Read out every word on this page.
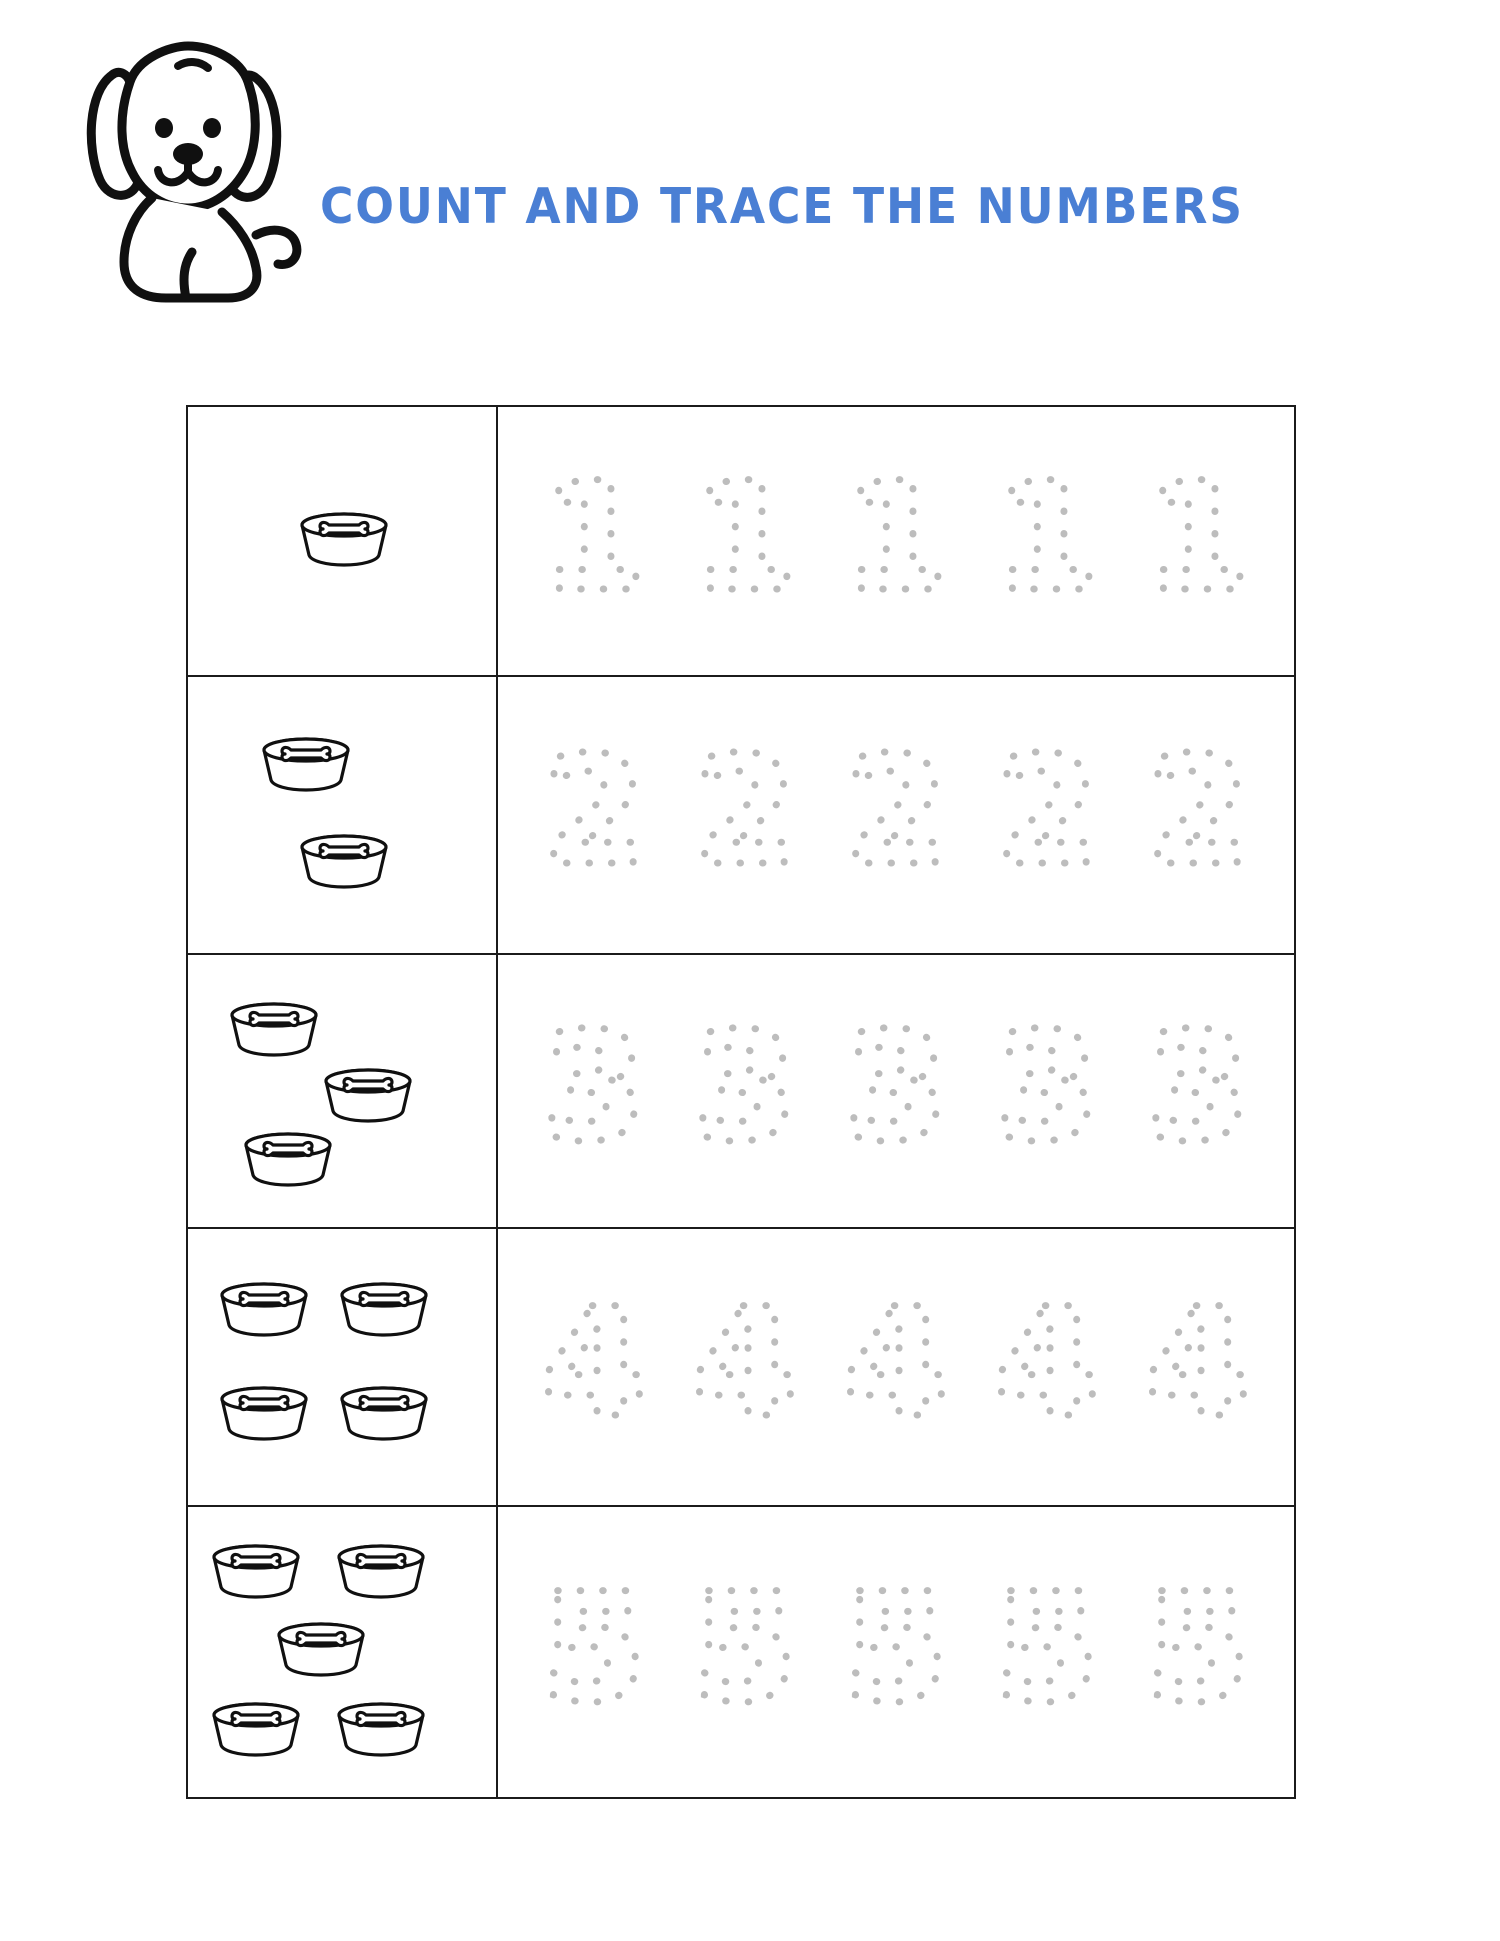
COUNT AND TRACE THE NUMBERS
